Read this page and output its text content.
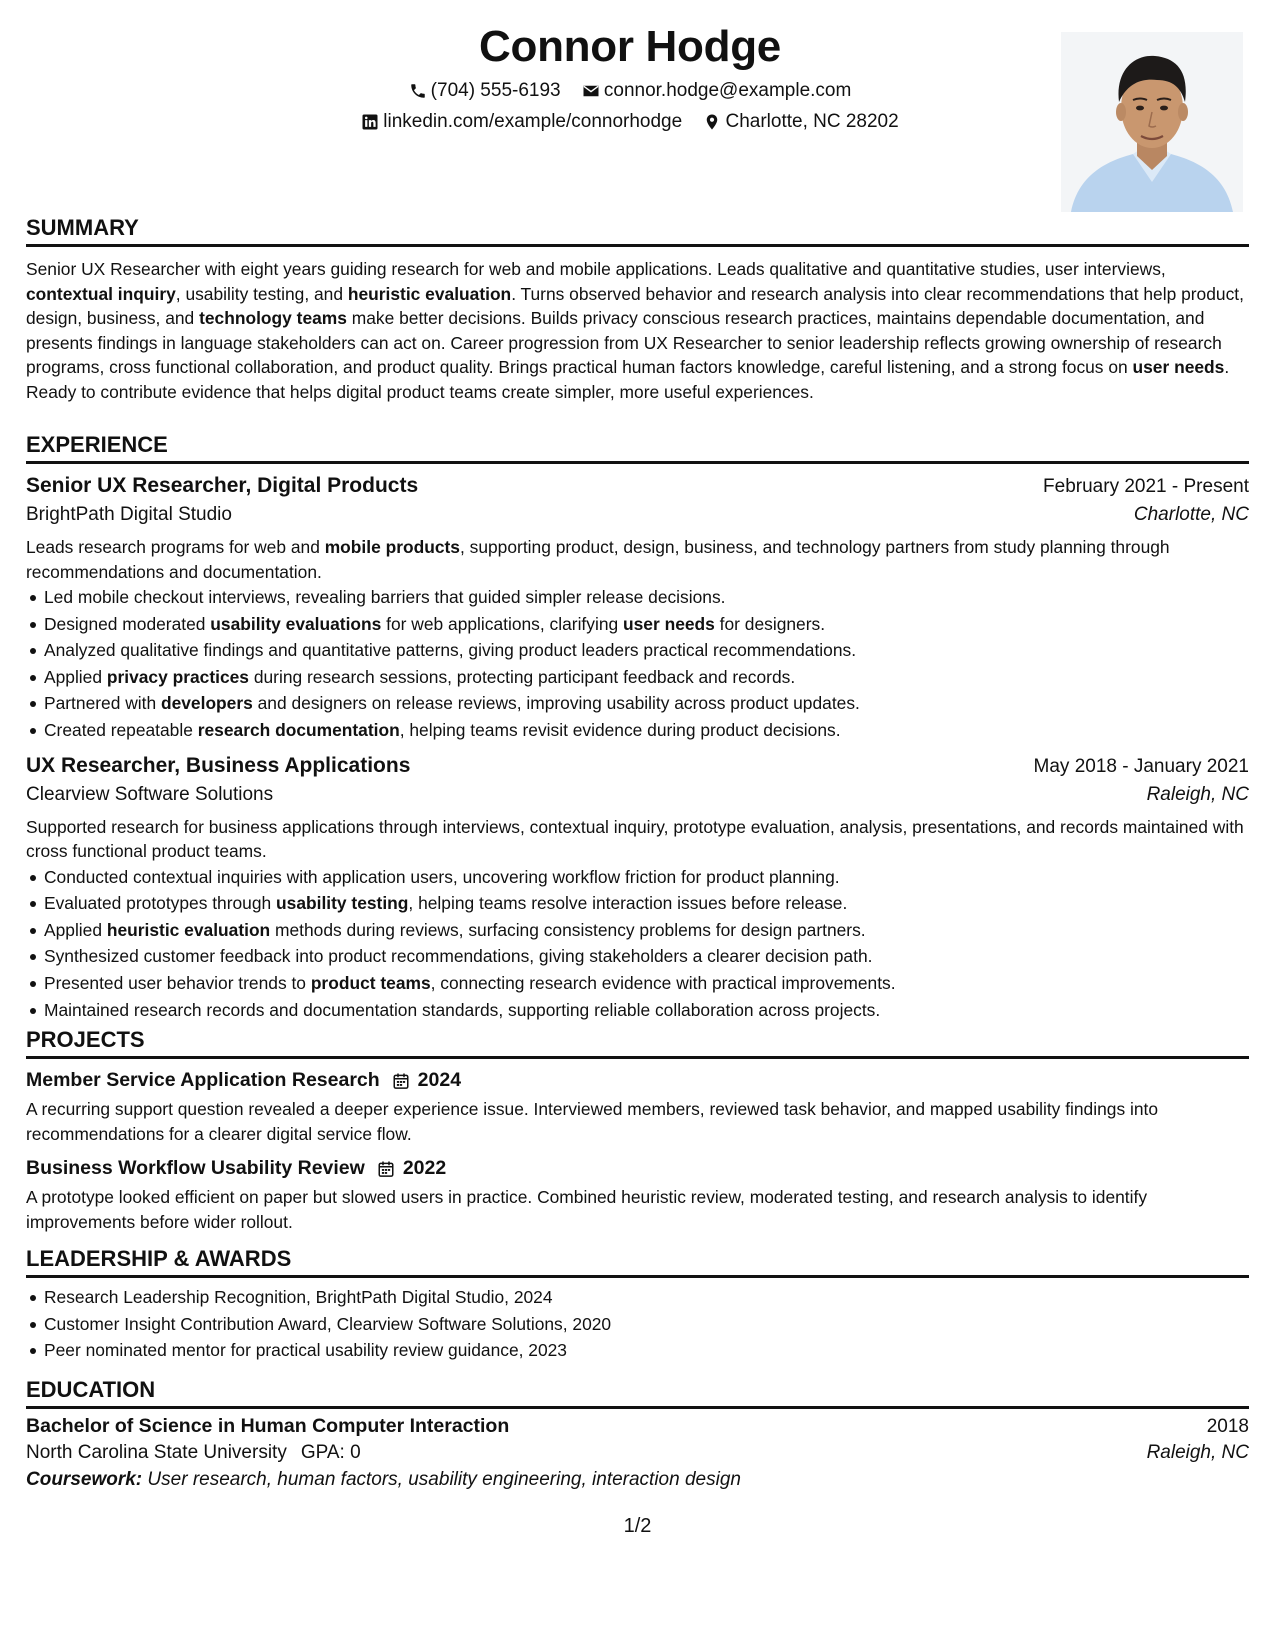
Connor Hodge
(704) 555-6193
connor.hodge@example.com
linkedin.com/example/connorhodge
Charlotte, NC 28202
SUMMARY

Senior UX Researcher with eight years guiding research for web and mobile applications. Leads qualitative and quantitative studies, user interviews, contextual inquiry, usability testing, and heuristic evaluation. Turns observed behavior and research analysis into clear recommendations that help product, design, business, and technology teams make better decisions. Builds privacy conscious research practices, maintains dependable documentation, and presents findings in language stakeholders can act on. Career progression from UX Researcher to senior leadership reflects growing ownership of research programs, cross functional collaboration, and product quality. Brings practical human factors knowledge, careful listening, and a strong focus on user needs. Ready to contribute evidence that helps digital product teams create simpler, more useful experiences.

EXPERIENCE
Senior UX Researcher, Digital Products	February 2021 - Present
BrightPath Digital Studio	Charlotte, NC

Leads research programs for web and mobile products, supporting product, design, business, and technology partners from study planning through recommendations and documentation.

Led mobile checkout interviews, revealing barriers that guided simpler release decisions.
Designed moderated usability evaluations for web applications, clarifying user needs for designers.
Analyzed qualitative findings and quantitative patterns, giving product leaders practical recommendations.
Applied privacy practices during research sessions, protecting participant feedback and records.
Partnered with developers and designers on release reviews, improving usability across product updates.
Created repeatable research documentation, helping teams revisit evidence during product decisions.
UX Researcher, Business Applications	May 2018 - January 2021
Clearview Software Solutions	Raleigh, NC

Supported research for business applications through interviews, contextual inquiry, prototype evaluation, analysis, presentations, and records maintained with cross functional product teams.

Conducted contextual inquiries with application users, uncovering workflow friction for product planning.
Evaluated prototypes through usability testing, helping teams resolve interaction issues before release.
Applied heuristic evaluation methods during reviews, surfacing consistency problems for design partners.
Synthesized customer feedback into product recommendations, giving stakeholders a clearer decision path.
Presented user behavior trends to product teams, connecting research evidence with practical improvements.
Maintained research records and documentation standards, supporting reliable collaboration across projects.
PROJECTS
Member Service Application Research 2024

A recurring support question revealed a deeper experience issue. Interviewed members, reviewed task behavior, and mapped usability findings into recommendations for a clearer digital service flow.

Business Workflow Usability Review 2022

A prototype looked efficient on paper but slowed users in practice. Combined heuristic review, moderated testing, and research analysis to identify improvements before wider rollout.

LEADERSHIP & AWARDS
Research Leadership Recognition, BrightPath Digital Studio, 2024
Customer Insight Contribution Award, Clearview Software Solutions, 2020
Peer nominated mentor for practical usability review guidance, 2023
EDUCATION
Bachelor of Science in Human Computer Interaction	2018
North Carolina State University GPA: 0	Raleigh, NC
Coursework: User research, human factors, usability engineering, interaction design
1/2
